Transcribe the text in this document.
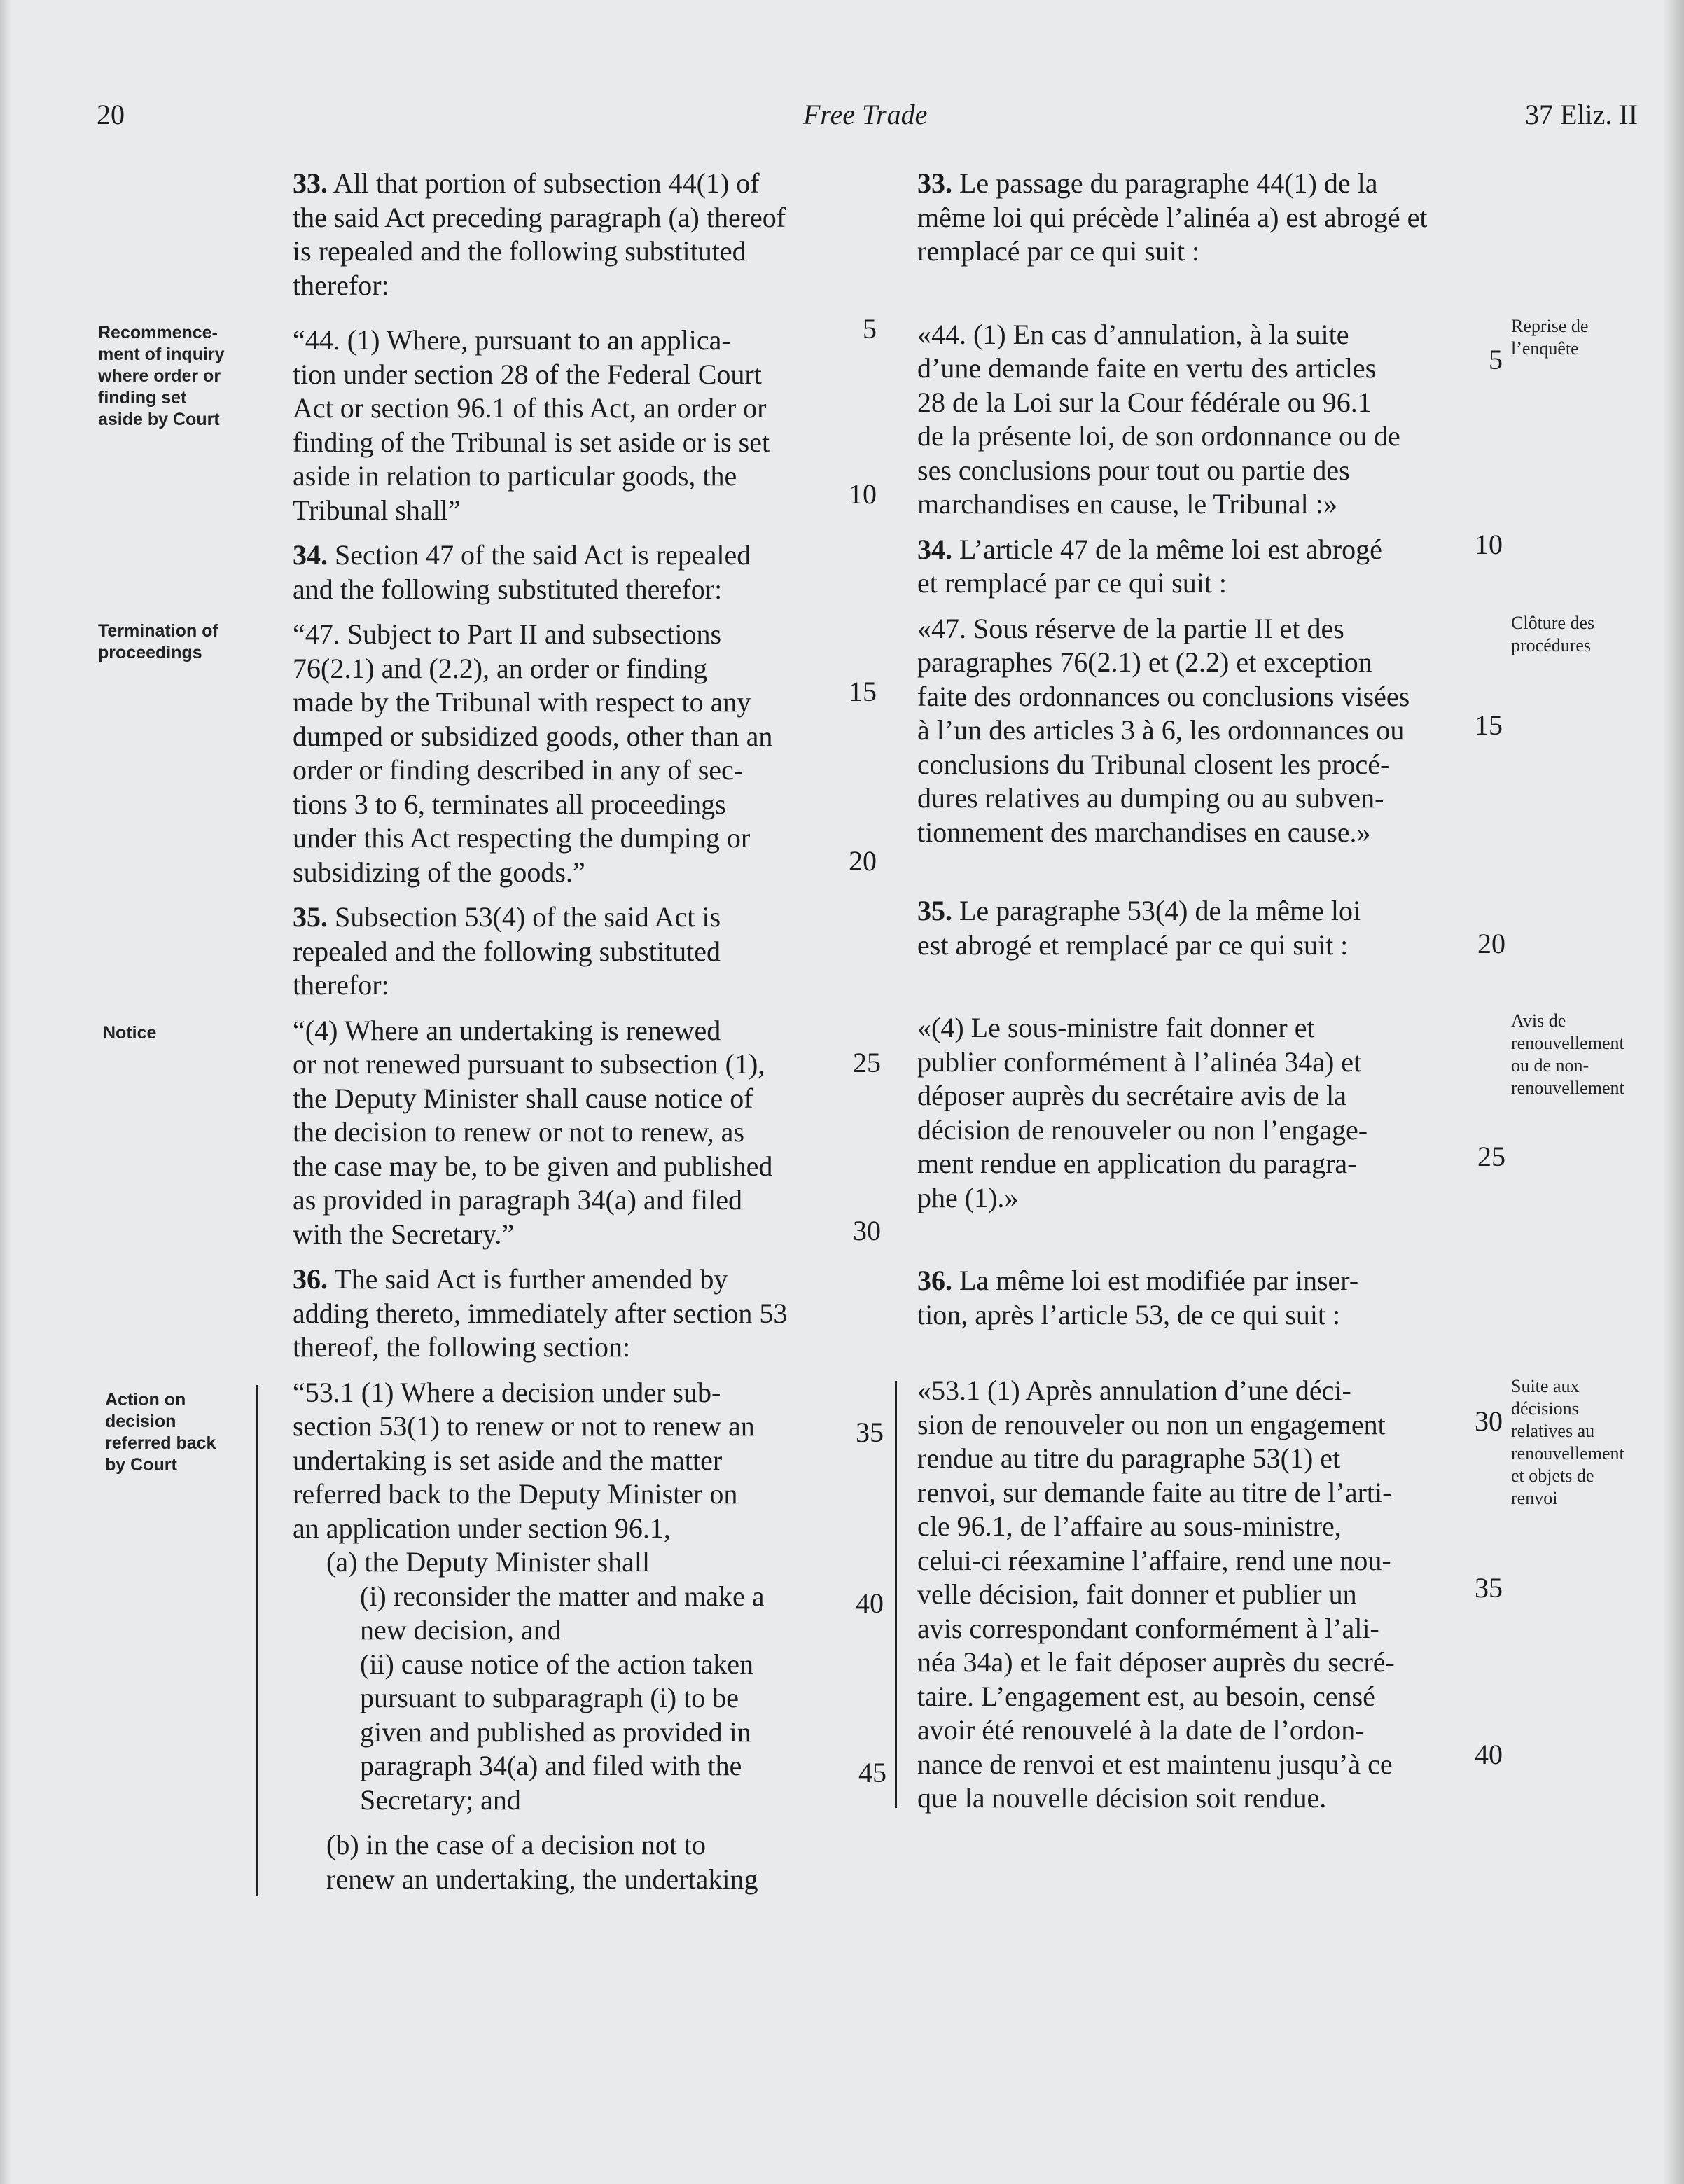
20	Free Trade	37 Eliz. II
Recommence-
ment of inquiry
where order or
finding set
aside by Court
Termination of
proceedings
Notice
Action on
decision
referred back
by Court
Reprise de
l’enquête
Clôture des
procédures
Avis de
renouvellement
ou de non-
renouvellement
Suite aux
décisions
relatives au
renouvellement
et objets de
renvoi

33. All that portion of subsection 44(1) of
the said Act preceding paragraph (a) thereof
is repealed and the following substituted
therefor:

“44. (1) Where, pursuant to an applica-
tion under section 28 of the Federal Court
Act or section 96.1 of this Act, an order or
finding of the Tribunal is set aside or is set
aside in relation to particular goods, the
Tribunal shall”

34. Section 47 of the said Act is repealed
and the following substituted therefor:

“47. Subject to Part II and subsections
76(2.1) and (2.2), an order or finding
made by the Tribunal with respect to any
dumped or subsidized goods, other than an
order or finding described in any of sec-
tions 3 to 6, terminates all proceedings
under this Act respecting the dumping or
subsidizing of the goods.”

35. Subsection 53(4) of the said Act is
repealed and the following substituted
therefor:

“(4) Where an undertaking is renewed
or not renewed pursuant to subsection (1),
the Deputy Minister shall cause notice of
the decision to renew or not to renew, as
the case may be, to be given and published
as provided in paragraph 34(a) and filed
with the Secretary.”

36. The said Act is further amended by
adding thereto, immediately after section 53
thereof, the following section:

“53.1 (1) Where a decision under sub-
section 53(1) to renew or not to renew an
undertaking is set aside and the matter
referred back to the Deputy Minister on
an application under section 96.1,

(a) the Deputy Minister shall

(i) reconsider the matter and make a
new decision, and

(ii) cause notice of the action taken
pursuant to subparagraph (i) to be
given and published as provided in
paragraph 34(a) and filed with the
Secretary; and

(b) in the case of a decision not to
renew an undertaking, the undertaking

33. Le passage du paragraphe 44(1) de la
même loi qui précède l’alinéa a) est abrogé et
remplacé par ce qui suit :

«44. (1) En cas d’annulation, à la suite
d’une demande faite en vertu des articles
28 de la Loi sur la Cour fédérale ou 96.1
de la présente loi, de son ordonnance ou de
ses conclusions pour tout ou partie des
marchandises en cause, le Tribunal :»

34. L’article 47 de la même loi est abrogé
et remplacé par ce qui suit :

«47. Sous réserve de la partie II et des
paragraphes 76(2.1) et (2.2) et exception
faite des ordonnances ou conclusions visées
à l’un des articles 3 à 6, les ordonnances ou
conclusions du Tribunal closent les procé-
dures relatives au dumping ou au subven-
tionnement des marchandises en cause.»

35. Le paragraphe 53(4) de la même loi
est abrogé et remplacé par ce qui suit :

«(4) Le sous-ministre fait donner et
publier conformément à l’alinéa 34a) et
déposer auprès du secrétaire avis de la
décision de renouveler ou non l’engage-
ment rendue en application du paragra-
phe (1).»

36. La même loi est modifiée par inser-
tion, après l’article 53, de ce qui suit :

«53.1 (1) Après annulation d’une déci-
sion de renouveler ou non un engagement
rendue au titre du paragraphe 53(1) et
renvoi, sur demande faite au titre de l’arti-
cle 96.1, de l’affaire au sous-ministre,
celui-ci réexamine l’affaire, rend une nou-
velle décision, fait donner et publier un
avis correspondant conformément à l’ali-
néa 34a) et le fait déposer auprès du secré-
taire. L’engagement est, au besoin, censé
avoir été renouvelé à la date de l’ordon-
nance de renvoi et est maintenu jusqu’à ce
que la nouvelle décision soit rendue.

5
10
15
20
25
30
35
40
45
5
10
15
20
25
30
35
40
